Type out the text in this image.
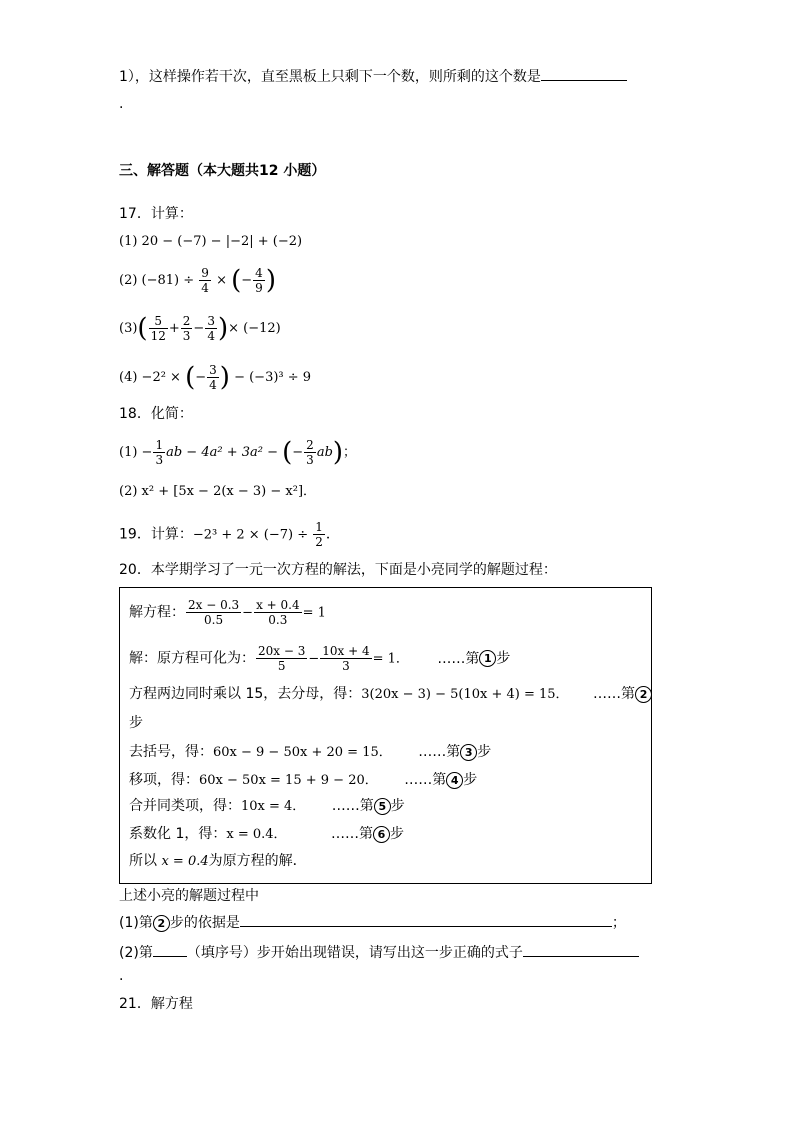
1），这样操作若干次，直至黑板上只剩下一个数，则所剩的这个数是
.
三、解答题（本大题共12 小题）
17．计算：
(1) 20 − (−7) − |−2| + (−2)
(2) $(-81) \div \frac{9}{4}$ × (− $\frac{4}{9}$ )
$(3)( \frac{5}{12} + \frac{2}{3} - \frac{3}{4}$ )× (−12)
(4) −2² × (− $\frac{3}{4}$ ) − (−3)³ ÷ 9
18．化简：
$(1) - \frac{1}{3}$ ab − 4a² + 3a² − (− $\frac{2}{3} ab$)；
(2) x² + [5x − 2(x − 3) − x²]．
19．计算：$-2^3 + 2 \times (-7) \div \frac{1}{2}$ ．
20．本学期学习了一元一次方程的解法，下面是小亮同学的解题过程：
解方程： $\frac{2x - 0.3}{0.5} - \frac{x + 0.4}{0.3} = 1$
解：原方程可化为： $\frac{20x - 3}{5} - \frac{10x + 4}{3} = 1$． ……第 1 步
方程两边同时乘以 15，去分母，得：3(20x − 3) − 5(10x + 4) = 15． ……第 2
步
去括号，得：60x − 9 − 50x + 20 = 15． ……第 3 步
移项，得：60x − 50x = 15 + 9 − 20． ……第 4 步
合并同类项，得：10x = 4． ……第 5 步
系数化 1，得：x = 0.4．	……第 6 步
所以 x = 0.4为原方程的解．
上述小亮的解题过程中
(1)第 2 步的依据是	；
(2)第 （填序号）步开始出现错误，请写出这一步正确的式子
.
21．解方程
